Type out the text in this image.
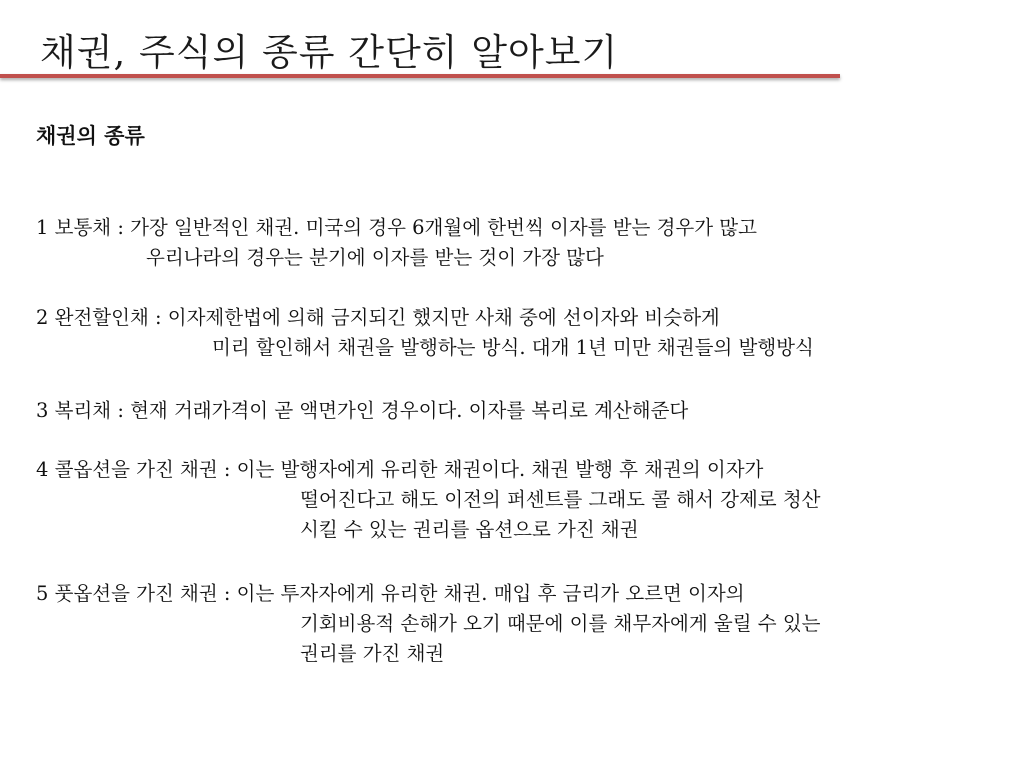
채권, 주식의 종류 간단히 알아보기
채권의 종류
1 보통채 : 가장 일반적인 채권. 미국의 경우 6개월에 한번씩 이자를 받는 경우가 많고
우리나라의 경우는 분기에 이자를 받는 것이 가장 많다
2 완전할인채 : 이자제한법에 의해 금지되긴 했지만 사채 중에 선이자와 비슷하게
미리 할인해서 채권을 발행하는 방식. 대개 1년 미만 채권들의 발행방식
3 복리채 : 현재 거래가격이 곧 액면가인 경우이다. 이자를 복리로 계산해준다
4 콜옵션을 가진 채권 : 이는 발행자에게 유리한 채권이다. 채권 발행 후 채권의 이자가
떨어진다고 해도 이전의 퍼센트를 그래도 콜 해서 강제로 청산
시킬 수 있는 권리를 옵션으로 가진 채권
5 풋옵션을 가진 채권 : 이는 투자자에게 유리한 채권. 매입 후 금리가 오르면 이자의
기회비용적 손해가 오기 때문에 이를 채무자에게 울릴 수 있는
권리를 가진 채권
